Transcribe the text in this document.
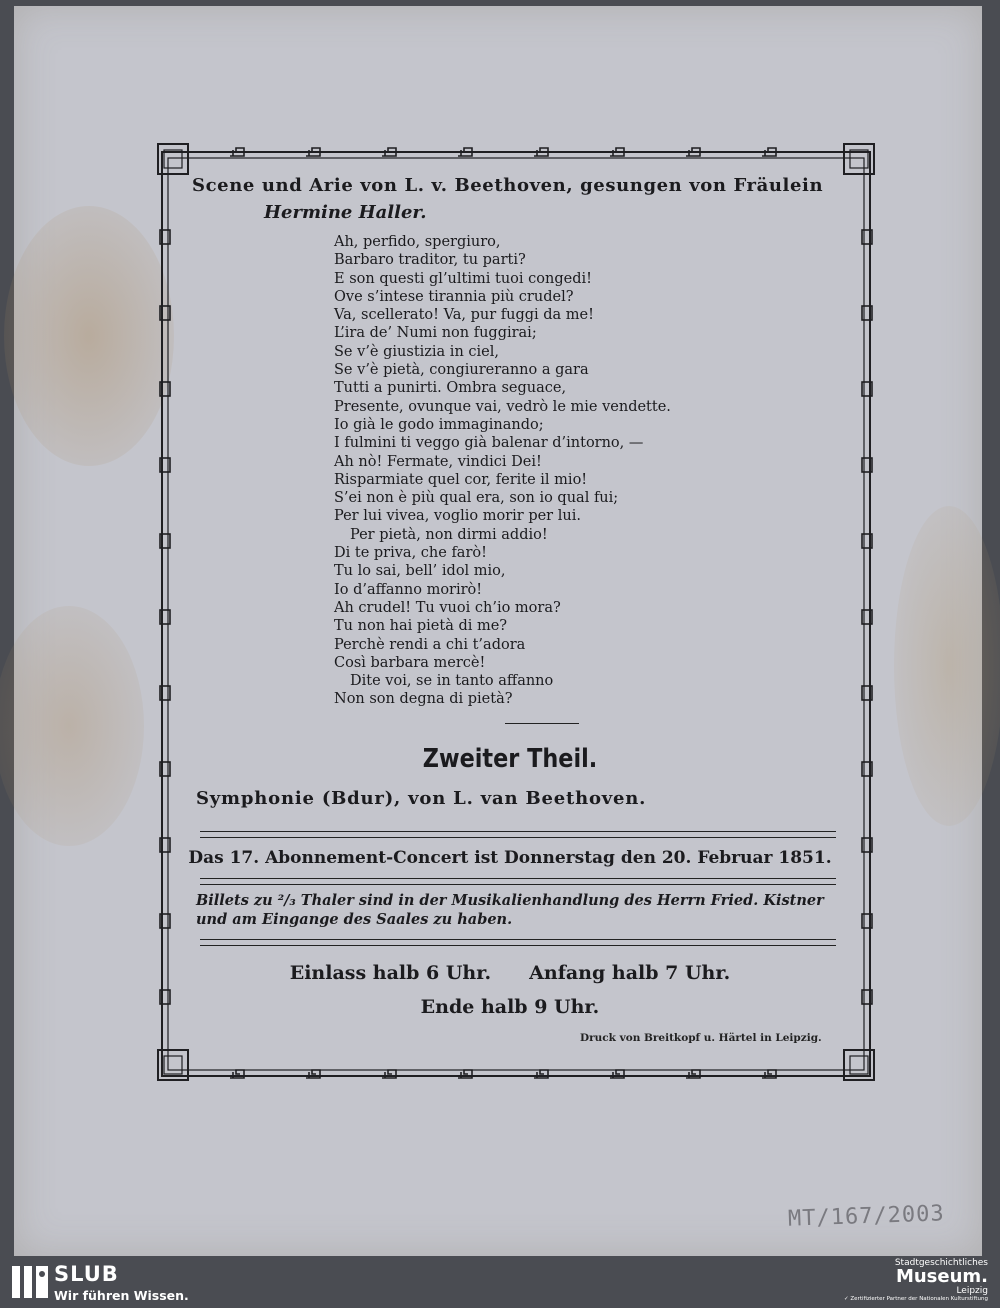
Scene und Arie von L. v. Beethoven, gesungen von Fräulein

Hermine Haller.

Ah, perfido, spergiuro,
Barbaro traditor, tu parti?
E son questi gl’ultimi tuoi congedi!
Ove s’intese tirannia più crudel?
Va, scellerato! Va, pur fuggi da me!
L’ira de’ Numi non fuggirai;
Se v’è giustizia in ciel,
Se v’è pietà, congiureranno a gara
Tutti a punirti. Ombra seguace,
Presente, ovunque vai, vedrò le mie vendette.
Io già le godo immaginando;
I fulmini ti veggo già balenar d’intorno, —
Ah nò! Fermate, vindici Dei!
Risparmiate quel cor, ferite il mio!
S’ei non è più qual era, son io qual fui;
Per lui vivea, voglio morir per lui.
Per pietà, non dirmi addio!
Di te priva, che farò!
Tu lo sai, bell’ idol mio,
Io d’affanno morirò!
Ah crudel! Tu vuoi ch’io mora?
Tu non hai pietà di me?
Perchè rendi a chi t’adora
Così barbara mercè!
Dite voi, se in tanto affanno
Non son degna di pietà?
Zweiter Theil.

Symphonie (Bdur), von L. van Beethoven.

Das 17. Abonnement-Concert ist Donnerstag den 20. Februar 1851.

Billets zu ²/₃ Thaler sind in der Musikalienhandlung des Herrn Fried. Kistner
und am Eingange des Saales zu haben.
Einlass halb 6 Uhr. Anfang halb 7 Uhr.
Ende halb 9 Uhr.
Druck von Breitkopf u. Härtel in Leipzig.
MT/167/2003
SLUB
Wir führen Wissen.
Stadtgeschichtliches
Museum.
Leipzig
✓ Zertifizierter Partner der Nationalen Kulturstiftung
